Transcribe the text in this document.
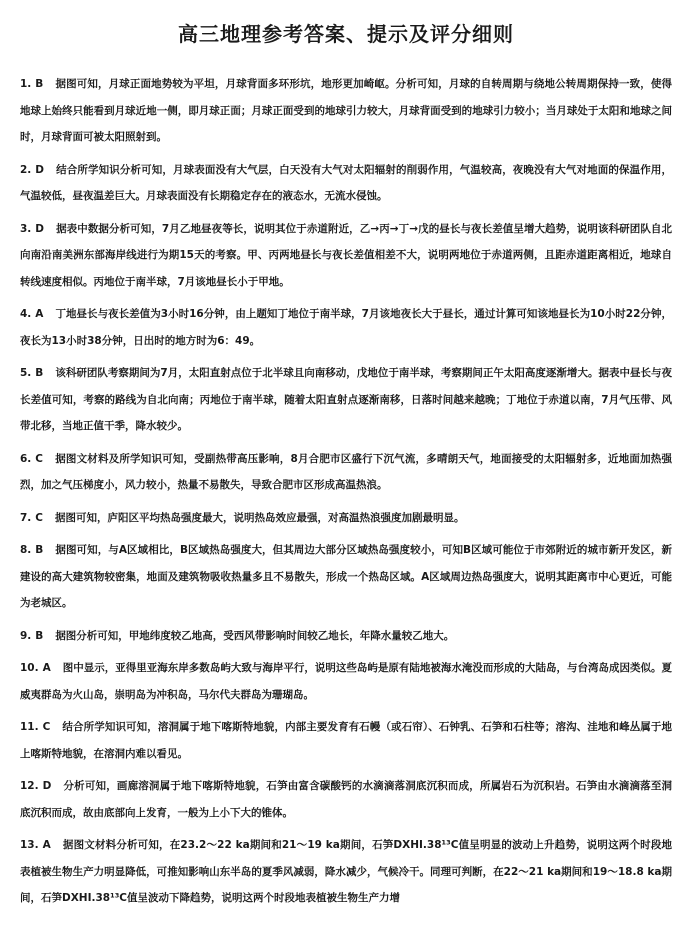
高三地理参考答案、提示及评分细则

1. B 据图可知，月球正面地势较为平坦，月球背面多环形坑，地形更加崎岖。分析可知，月球的自转周期与绕地公转周期保持一致，使得地球上始终只能看到月球近地一侧，即月球正面；月球正面受到的地球引力较大，月球背面受到的地球引力较小；当月球处于太阳和地球之间时，月球背面可被太阳照射到。

2. D 结合所学知识分析可知，月球表面没有大气层，白天没有大气对太阳辐射的削弱作用，气温较高，夜晚没有大气对地面的保温作用，气温较低，昼夜温差巨大。月球表面没有长期稳定存在的液态水，无流水侵蚀。

3. D 据表中数据分析可知，7月乙地昼夜等长，说明其位于赤道附近，乙→丙→丁→戊的昼长与夜长差值呈增大趋势，说明该科研团队自北向南沿南美洲东部海岸线进行为期15天的考察。甲、丙两地昼长与夜长差值相差不大，说明两地位于赤道两侧，且距赤道距离相近，地球自转线速度相似。丙地位于南半球，7月该地昼长小于甲地。

4. A 丁地昼长与夜长差值为3小时16分钟，由上题知丁地位于南半球，7月该地夜长大于昼长，通过计算可知该地昼长为10小时22分钟，夜长为13小时38分钟，日出时的地方时为6：49。

5. B 该科研团队考察期间为7月，太阳直射点位于北半球且向南移动，戊地位于南半球，考察期间正午太阳高度逐渐增大。据表中昼长与夜长差值可知，考察的路线为自北向南；丙地位于南半球，随着太阳直射点逐渐南移，日落时间越来越晚；丁地位于赤道以南，7月气压带、风带北移，当地正值干季，降水较少。

6. C 据图文材料及所学知识可知，受副热带高压影响，8月合肥市区盛行下沉气流，多晴朗天气，地面接受的太阳辐射多，近地面加热强烈，加之气压梯度小，风力较小，热量不易散失，导致合肥市区形成高温热浪。

7. C 据图可知，庐阳区平均热岛强度最大，说明热岛效应最强，对高温热浪强度加剧最明显。

8. B 据图可知，与A区域相比，B区域热岛强度大，但其周边大部分区域热岛强度较小，可知B区域可能位于市郊附近的城市新开发区，新建设的高大建筑物较密集，地面及建筑物吸收热量多且不易散失，形成一个热岛区域。A区域周边热岛强度大，说明其距离市中心更近，可能为老城区。

9. B 据图分析可知，甲地纬度较乙地高，受西风带影响时间较乙地长，年降水量较乙地大。

10. A 图中显示，亚得里亚海东岸多数岛屿大致与海岸平行，说明这些岛屿是原有陆地被海水淹没而形成的大陆岛，与台湾岛成因类似。夏威夷群岛为火山岛，崇明岛为冲积岛，马尔代夫群岛为珊瑚岛。

11. C 结合所学知识可知，溶洞属于地下喀斯特地貌，内部主要发育有石幔（或石帘）、石钟乳、石笋和石柱等；溶沟、洼地和峰丛属于地上喀斯特地貌，在溶洞内难以看见。

12. D 分析可知，画廊溶洞属于地下喀斯特地貌，石笋由富含碳酸钙的水滴滴落洞底沉积而成，所属岩石为沉积岩。石笋由水滴滴落至洞底沉积而成，故由底部向上发育，一般为上小下大的锥体。

13. A 据图文材料分析可知，在23.2～22 ka期间和21～19 ka期间，石笋DXHI.38¹³C值呈明显的波动上升趋势，说明这两个时段地表植被生物生产力明显降低，可推知影响山东半岛的夏季风减弱，降水减少，气候冷干。同理可判断，在22～21 ka期间和19～18.8 ka期间，石笋DXHI.38¹³C值呈波动下降趋势，说明这两个时段地表植被生物生产力增
